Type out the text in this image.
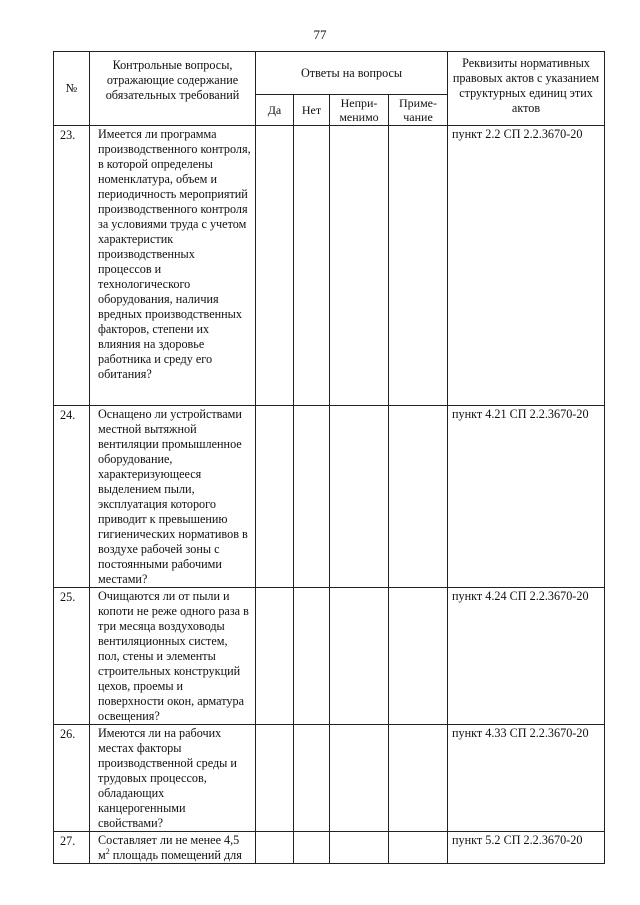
77
№	Контрольные вопросы, отражающие содержание обязательных требований	Ответы на вопросы				Реквизиты нормативных правовых актов с указанием структурных единиц этих актов
		Да	Нет	Непри-менимо	Приме-чание	
23.	Имеется ли программа производственного контроля, в которой определены номенклатура, объем и периодичность мероприятий производственного контроля за условиями труда с учетом характеристик производственных процессов и технологического оборудования, наличия вредных производственных факторов, степени их влияния на здоровье работника и среду его обитания?					пункт 2.2 СП 2.2.3670-20
24.	Оснащено ли устройствами местной вытяжной вентиляции промышленное оборудование, характеризующееся выделением пыли, эксплуатация которого приводит к превышению гигиенических нормативов в воздухе рабочей зоны с постоянными рабочими местами?					пункт 4.21 СП 2.2.3670-20
25.	Очищаются ли от пыли и копоти не реже одного раза в три месяца воздуховоды вентиляционных систем, пол, стены и элементы строительных конструкций цехов, проемы и поверхности окон, арматура освещения?					пункт 4.24 СП 2.2.3670-20
26.	Имеются ли на рабочих местах факторы производственной среды и трудовых процессов, обладающих канцерогенными свойствами?					пункт 4.33 СП 2.2.3670-20
27.	Составляет ли не менее 4,5 $м^2$ площадь помещений для					пункт 5.2 СП 2.2.3670-20
